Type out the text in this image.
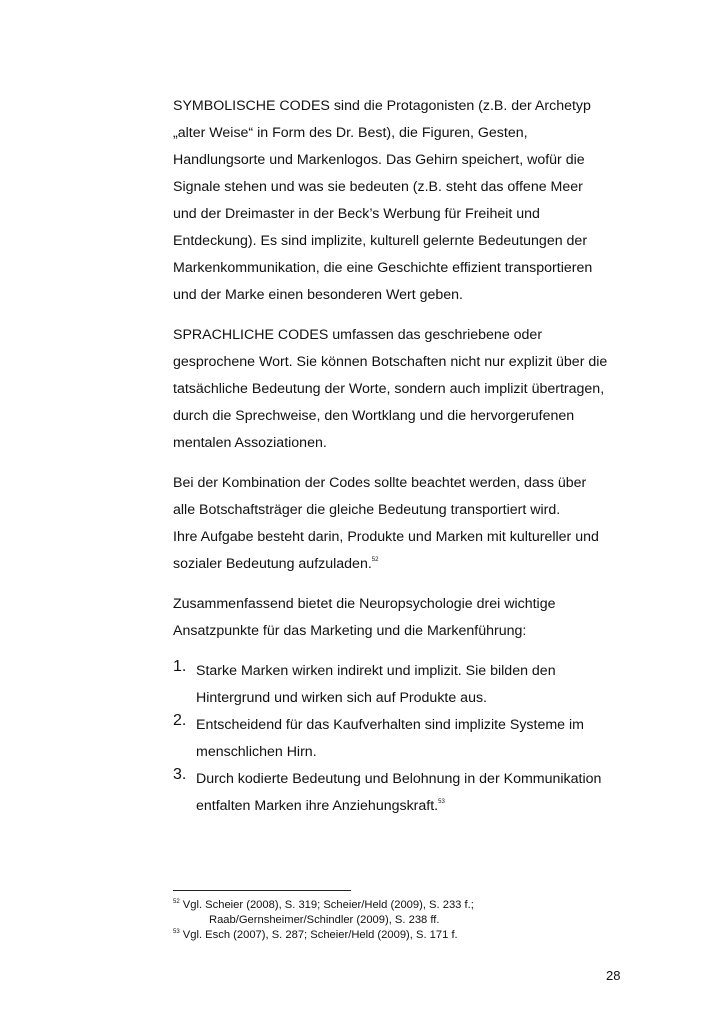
SYMBOLISCHE CODES sind die Protagonisten (z.B. der Archetyp
„alter Weise“ in Form des Dr. Best), die Figuren, Gesten,
Handlungsorte und Markenlogos. Das Gehirn speichert, wofür die
Signale stehen und was sie bedeuten (z.B. steht das offene Meer
und der Dreimaster in der Beck’s Werbung für Freiheit und
Entdeckung). Es sind implizite, kulturell gelernte Bedeutungen der
Markenkommunikation, die eine Geschichte effizient transportieren
und der Marke einen besonderen Wert geben.
SPRACHLICHE CODES umfassen das geschriebene oder
gesprochene Wort. Sie können Botschaften nicht nur explizit über die
tatsächliche Bedeutung der Worte, sondern auch implizit übertragen,
durch die Sprechweise, den Wortklang und die hervorgerufenen
mentalen Assoziationen.
Bei der Kombination der Codes sollte beachtet werden, dass über
alle Botschaftsträger die gleiche Bedeutung transportiert wird.
Ihre Aufgabe besteht darin, Produkte und Marken mit kultureller und
sozialer Bedeutung aufzuladen.$^{52}$
Zusammenfassend bietet die Neuropsychologie drei wichtige
Ansatzpunkte für das Marketing und die Markenführung:
1. Starke Marken wirken indirekt und implizit. Sie bilden den
Hintergrund und wirken sich auf Produkte aus.
2. Entscheidend für das Kaufverhalten sind implizite Systeme im
menschlichen Hirn.
3. Durch kodierte Bedeutung und Belohnung in der Kommunikation
entfalten Marken ihre Anziehungskraft.$^{53}$
$^{52}$ Vgl. Scheier (2008), S. 319; Scheier/Held (2009), S. 233 f.;
Raab/Gernsheimer/Schindler (2009), S. 238 ff.
$^{53}$ Vgl. Esch (2007), S. 287; Scheier/Held (2009), S. 171 f.
28
